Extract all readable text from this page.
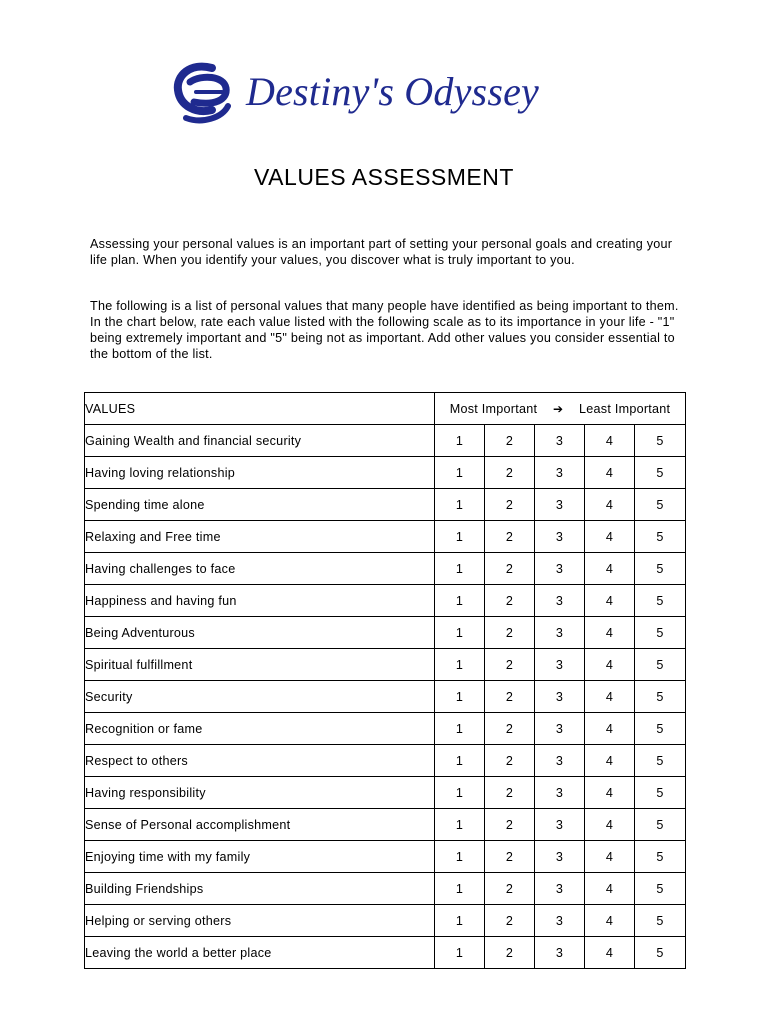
Destiny's Odyssey
VALUES ASSESSMENT

Assessing your personal values is an important part of setting your personal goals and creating your life plan. When you identify your values, you discover what is truly important to you.

The following is a list of personal values that many people have identified as being important to them. In the chart below, rate each value listed with the following scale as to its importance in your life - "1" being extremely important and "5" being not as important. Add other values you consider essential to the bottom of the list.

VALUES	Most Important ➔ Least Important				
Gaining Wealth and financial security	1	2	3	4	5
Having loving relationship	1	2	3	4	5
Spending time alone	1	2	3	4	5
Relaxing and Free time	1	2	3	4	5
Having challenges to face	1	2	3	4	5
Happiness and having fun	1	2	3	4	5
Being Adventurous	1	2	3	4	5
Spiritual fulfillment	1	2	3	4	5
Security	1	2	3	4	5
Recognition or fame	1	2	3	4	5
Respect to others	1	2	3	4	5
Having responsibility	1	2	3	4	5
Sense of Personal accomplishment	1	2	3	4	5
Enjoying time with my family	1	2	3	4	5
Building Friendships	1	2	3	4	5
Helping or serving others	1	2	3	4	5
Leaving the world a better place	1	2	3	4	5
